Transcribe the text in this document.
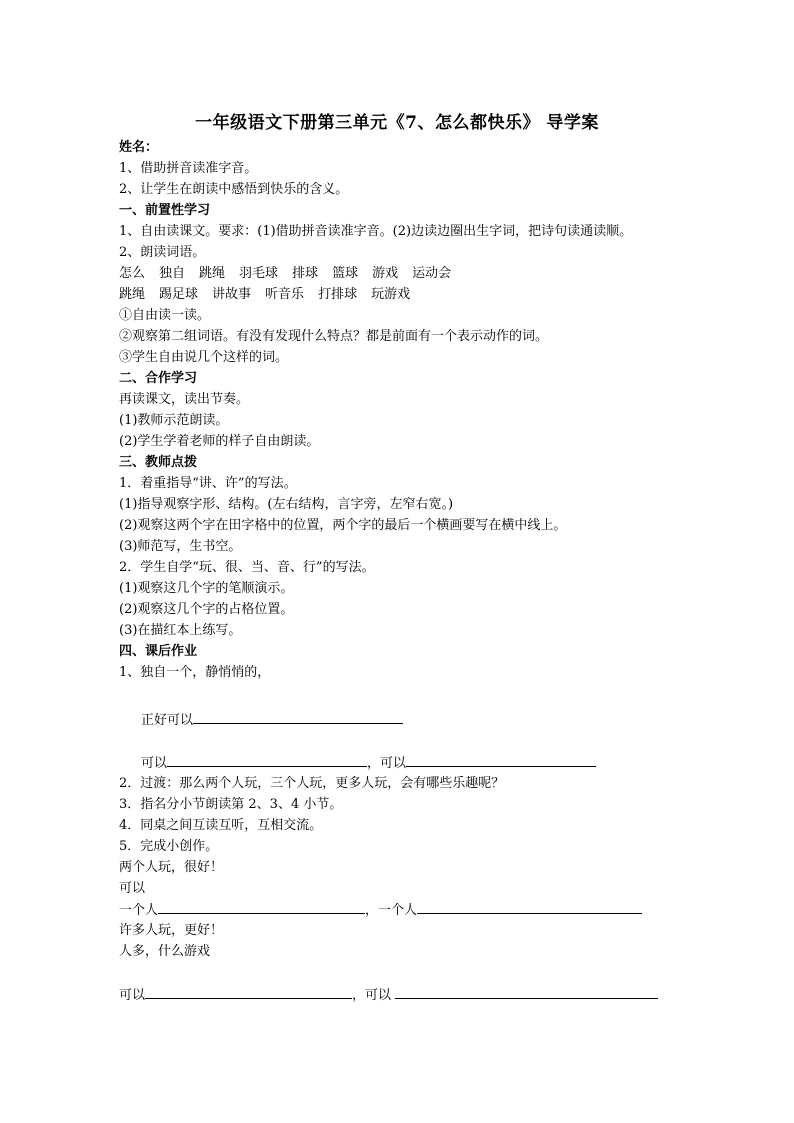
一年级语文下册第三单元《7、怎么都快乐》 导学案
姓名：
1、借助拼音读准字音。
2、让学生在朗读中感悟到快乐的含义。
一、前置性学习
1、自由读课文。要求：(1)借助拼音读准字音。(2)边读边圈出生字词，把诗句读通读顺。
2、朗读词语。
怎么 独自 跳绳 羽毛球 排球 篮球 游戏 运动会
跳绳 踢足球 讲故事 听音乐 打排球 玩游戏
①自由读一读。
②观察第二组词语。有没有发现什么特点？都是前面有一个表示动作的词。
③学生自由说几个这样的词。
二、合作学习
再读课文，读出节奏。
(1)教师示范朗读。
(2)学生学着老师的样子自由朗读。
三、教师点拨
1．着重指导“讲、许”的写法。
(1)指导观察字形、结构。(左右结构，言字旁，左窄右宽。)
(2)观察这两个字在田字格中的位置，两个字的最后一个横画要写在横中线上。
(3)师范写，生书空。
2．学生自学“玩、很、当、音、行”的写法。
(1)观察这几个字的笔顺演示。
(2)观察这几个字的占格位置。
(3)在描红本上练写。
四、课后作业
1、独自一个，静悄悄的，
正好可以
可以	，可以
2．过渡：那么两个人玩，三个人玩，更多人玩，会有哪些乐趣呢？
3．指名分小节朗读第 2、3、4 小节。
4．同桌之间互读互听，互相交流。
5．完成小创作。
两个人玩，很好！
可以
一个人	，一个人
许多人玩，更好！
人多，什么游戏
可以	，可以
